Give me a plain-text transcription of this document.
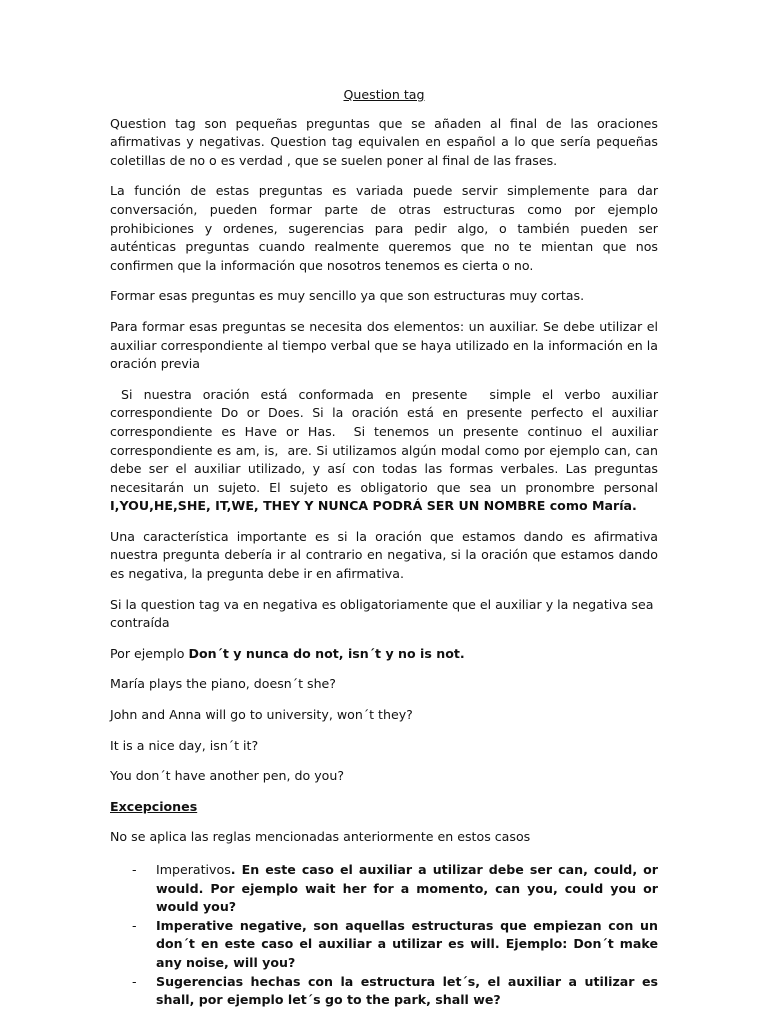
Question tag

Question tag son pequeñas preguntas que se añaden al final de las oraciones afirmativas y negativas. Question tag equivalen en español a lo que sería pequeñas coletillas de no o es verdad , que se suelen poner al final de las frases.

La función de estas preguntas es variada puede servir simplemente para dar conversación, pueden formar parte de otras estructuras como por ejemplo prohibiciones y ordenes, sugerencias para pedir algo, o también pueden ser auténticas preguntas cuando realmente queremos que no te mientan que nos confirmen que la información que nosotros tenemos es cierta o no.

Formar esas preguntas es muy sencillo ya que son estructuras muy cortas.

Para formar esas preguntas se necesita dos elementos: un auxiliar. Se debe utilizar el auxiliar correspondiente al tiempo verbal que se haya utilizado en la información en la oración previa

Si nuestra oración está conformada en presente  simple el verbo auxiliar correspondiente Do or Does. Si la oración está en presente perfecto el auxiliar correspondiente es Have or Has.  Si tenemos un presente continuo el auxiliar correspondiente es am, is,  are. Si utilizamos algún modal como por ejemplo can, can debe ser el auxiliar utilizado, y así con todas las formas verbales. Las preguntas necesitarán un sujeto. El sujeto es obligatorio que sea un pronombre personal I,YOU,HE,SHE, IT,WE, THEY Y NUNCA PODRÁ SER UN NOMBRE como María.

Una característica importante es si la oración que estamos dando es afirmativa nuestra pregunta debería ir al contrario en negativa, si la oración que estamos dando es negativa, la pregunta debe ir en afirmativa.

Si la question tag va en negativa es obligatoriamente que el auxiliar y la negativa sea contraída

Por ejemplo Don´t y nunca do not, isn´t y no is not.

María plays the piano, doesn´t she?

John and Anna will go to university, won´t they?

It is a nice day, isn´t it?

You don´t have another pen, do you?

Excepciones

No se aplica las reglas mencionadas anteriormente en estos casos

- Imperativos. En este caso el auxiliar a utilizar debe ser can, could, or would. Por ejemplo wait her for a momento, can you, could you or would you?
- Imperative negative, son aquellas estructuras que empiezan con un don´t en este caso el auxiliar a utilizar es will. Ejemplo: Don´t make any noise, will you?
- Sugerencias hechas con la estructura let´s, el auxiliar a utilizar es shall, por ejemplo let´s go to the park, shall we?
